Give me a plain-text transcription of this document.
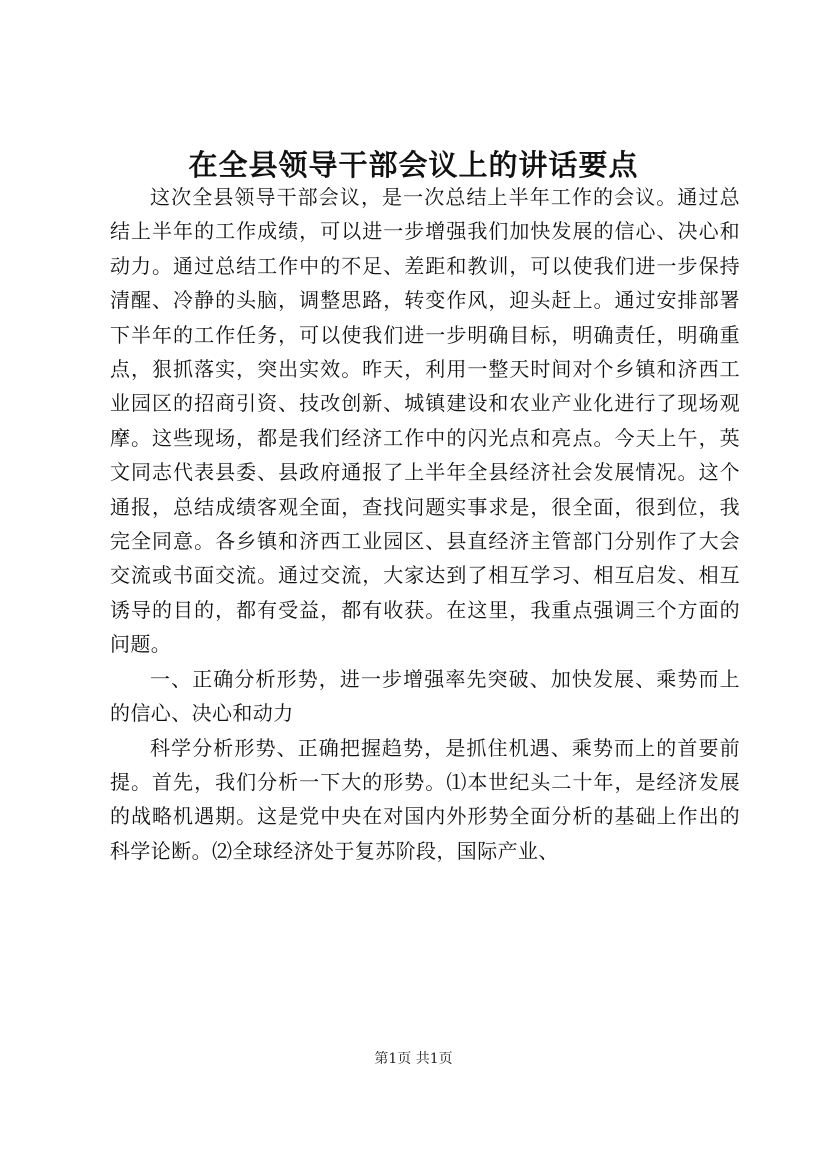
在全县领导干部会议上的讲话要点

这次全县领导干部会议，是一次总结上半年工作的会议。通过总结上半年的工作成绩，可以进一步增强我们加快发展的信心、决心和动力。通过总结工作中的不足、差距和教训，可以使我们进一步保持清醒、冷静的头脑，调整思路，转变作风，迎头赶上。通过安排部署下半年的工作任务，可以使我们进一步明确目标，明确责任，明确重点，狠抓落实，突出实效。昨天，利用一整天时间对个乡镇和济西工业园区的招商引资、技改创新、城镇建设和农业产业化进行了现场观摩。这些现场，都是我们经济工作中的闪光点和亮点。今天上午，英文同志代表县委、县政府通报了上半年全县经济社会发展情况。这个通报，总结成绩客观全面，查找问题实事求是，很全面，很到位，我完全同意。各乡镇和济西工业园区、县直经济主管部门分别作了大会交流或书面交流。通过交流，大家达到了相互学习、相互启发、相互诱导的目的，都有受益，都有收获。在这里，我重点强调三个方面的问题。

一、正确分析形势，进一步增强率先突破、加快发展、乘势而上的信心、决心和动力

科学分析形势、正确把握趋势，是抓住机遇、乘势而上的首要前提。首先，我们分析一下大的形势。⑴本世纪头二十年，是经济发展的战略机遇期。这是党中央在对国内外形势全面分析的基础上作出的科学论断。⑵全球经济处于复苏阶段，国际产业、

第1页 共1页
